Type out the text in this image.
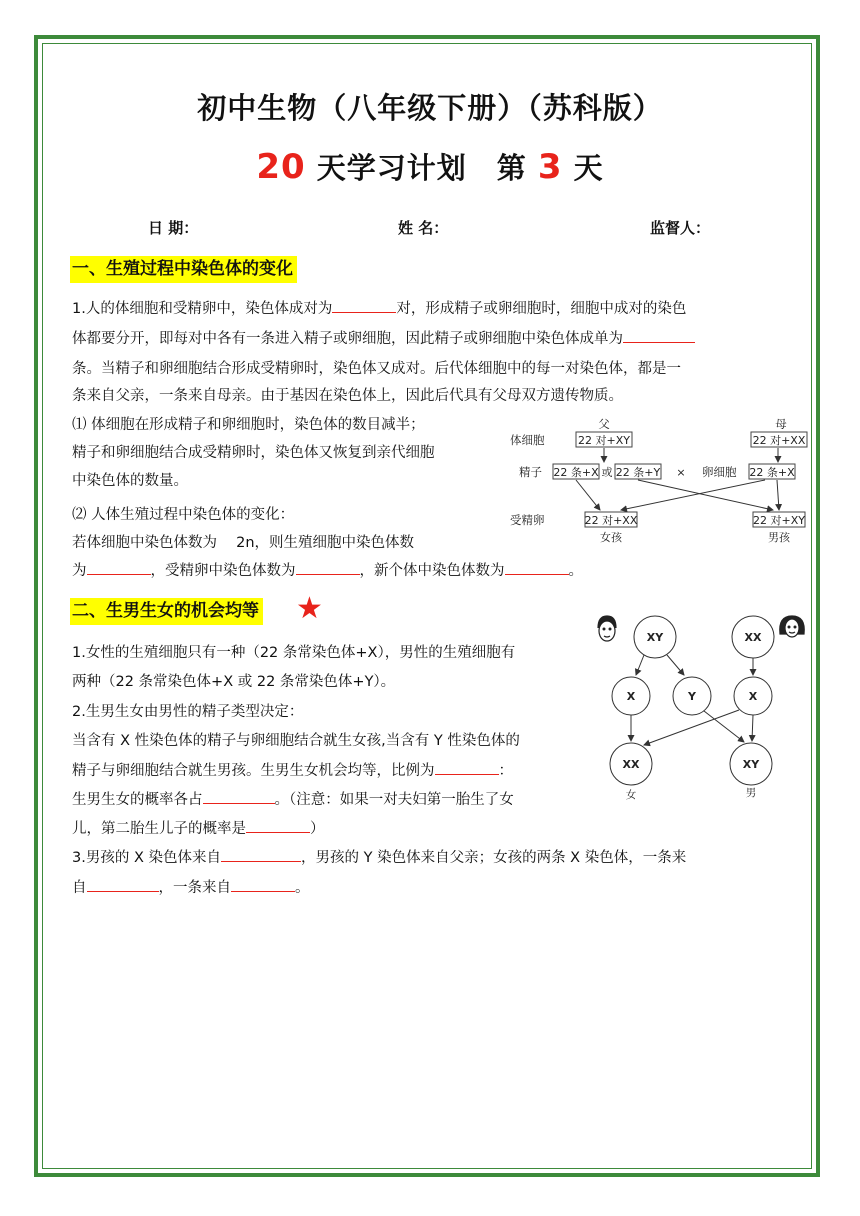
初中生物（八年级下册）（苏科版）
20 天学习计划　第 3 天
日 期：	姓 名：	监督人：
一、生殖过程中染色体的变化

1.人的体细胞和受精卵中，染色体成对为	对，形成精子或卵细胞时，细胞中成对的染色

体都要分开，即每对中各有一条进入精子或卵细胞，因此精子或卵细胞中染色体成单为

条。当精子和卵细胞结合形成受精卵时，染色体又成对。后代体细胞中的每一对染色体，都是一

条来自父亲，一条来自母亲。由于基因在染色体上，因此后代具有父母双方遗传物质。

⑴ 体细胞在形成精子和卵细胞时，染色体的数目减半；

精子和卵细胞结合成受精卵时，染色体又恢复到亲代细胞

中染色体的数量。

⑵ 人体生殖过程中染色体的变化：

若体细胞中染色体数为　 2n，则生殖细胞中染色体数

为	，受精卵中染色体数为	，新个体中染色体数为	。

父	母
体细胞
精子	卵细胞
受精卵
22 对+XY	22 对+XX
22 条+X 或 22 条+Y ×	22 条+X
22 对+XX	22 对+XY
女孩	男孩
二、生男生女的机会均等 ★

1.女性的生殖细胞只有一种（22 条常染色体+X），男性的生殖细胞有

两种（22 条常染色体+X 或 22 条常染色体+Y）。

2.生男生女由男性的精子类型决定：

当含有 X 性染色体的精子与卵细胞结合就生女孩,当含有 Y 性染色体的

精子与卵细胞结合就生男孩。生男生女机会均等，比例为	：

生男生女的概率各占	。（注意：如果一对夫妇第一胎生了女

儿，第二胎生儿子的概率是	）

3.男孩的 X 染色体来自	，男孩的 Y 染色体来自父亲；女孩的两条 X 染色体，一条来

自	，一条来自	。

XY	XX
X	Y	X
XX	XY
女	男
